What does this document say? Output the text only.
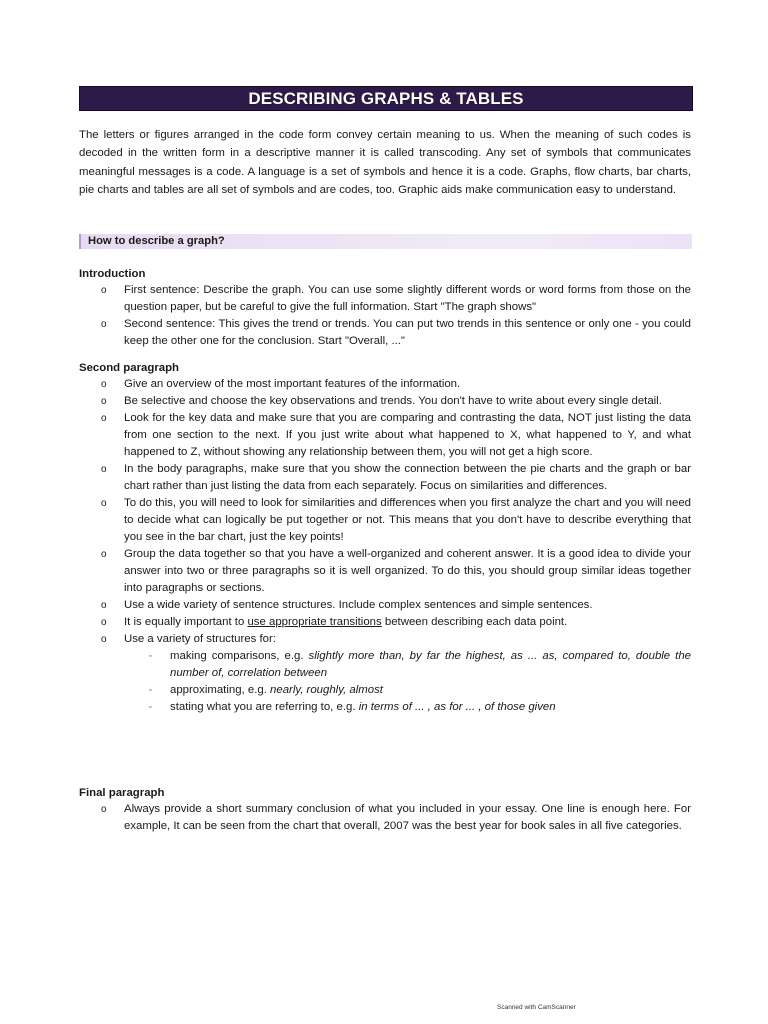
DESCRIBING GRAPHS & TABLES

The letters or figures arranged in the code form convey certain meaning to us. When the meaning of such codes is decoded in the written form in a descriptive manner it is called transcoding. Any set of symbols that communicates meaningful messages is a code. A language is a set of symbols and hence it is a code. Graphs, flow charts, bar charts, pie charts and tables are all set of symbols and are codes, too. Graphic aids make communication easy to understand.

How to describe a graph?

Introduction

o First sentence: Describe the graph. You can use some slightly different words or word forms from those on the question paper, but be careful to give the full information. Start "The graph shows"
o Second sentence: This gives the trend or trends. You can put two trends in this sentence or only one - you could keep the other one for the conclusion. Start "Overall, ..."

Second paragraph

o Give an overview of the most important features of the information.
o Be selective and choose the key observations and trends. You don't have to write about every single detail.
o Look for the key data and make sure that you are comparing and contrasting the data, NOT just listing the data from one section to the next. If you just write about what happened to X, what happened to Y, and what happened to Z, without showing any relationship between them, you will not get a high score.
o In the body paragraphs, make sure that you show the connection between the pie charts and the graph or bar chart rather than just listing the data from each separately. Focus on similarities and differences.
o To do this, you will need to look for similarities and differences when you first analyze the chart and you will need to decide what can logically be put together or not. This means that you don't have to describe everything that you see in the bar chart, just the key points!
o Group the data together so that you have a well-organized and coherent answer. It is a good idea to divide your answer into two or three paragraphs so it is well organized. To do this, you should group similar ideas together into paragraphs or sections.
o Use a wide variety of sentence structures. Include complex sentences and simple sentences.
o It is equally important to use appropriate transitions between describing each data point.
o Use a variety of structures for:
▫ making comparisons, e.g. slightly more than, by far the highest, as ... as, compared to, double the number of, correlation between
▫ approximating, e.g. nearly, roughly, almost
▫ stating what you are referring to, e.g. in terms of ... , as for ... , of those given

Final paragraph

o Always provide a short summary conclusion of what you included in your essay. One line is enough here. For example, It can be seen from the chart that overall, 2007 was the best year for book sales in all five categories.
Scanned with CamScanner
